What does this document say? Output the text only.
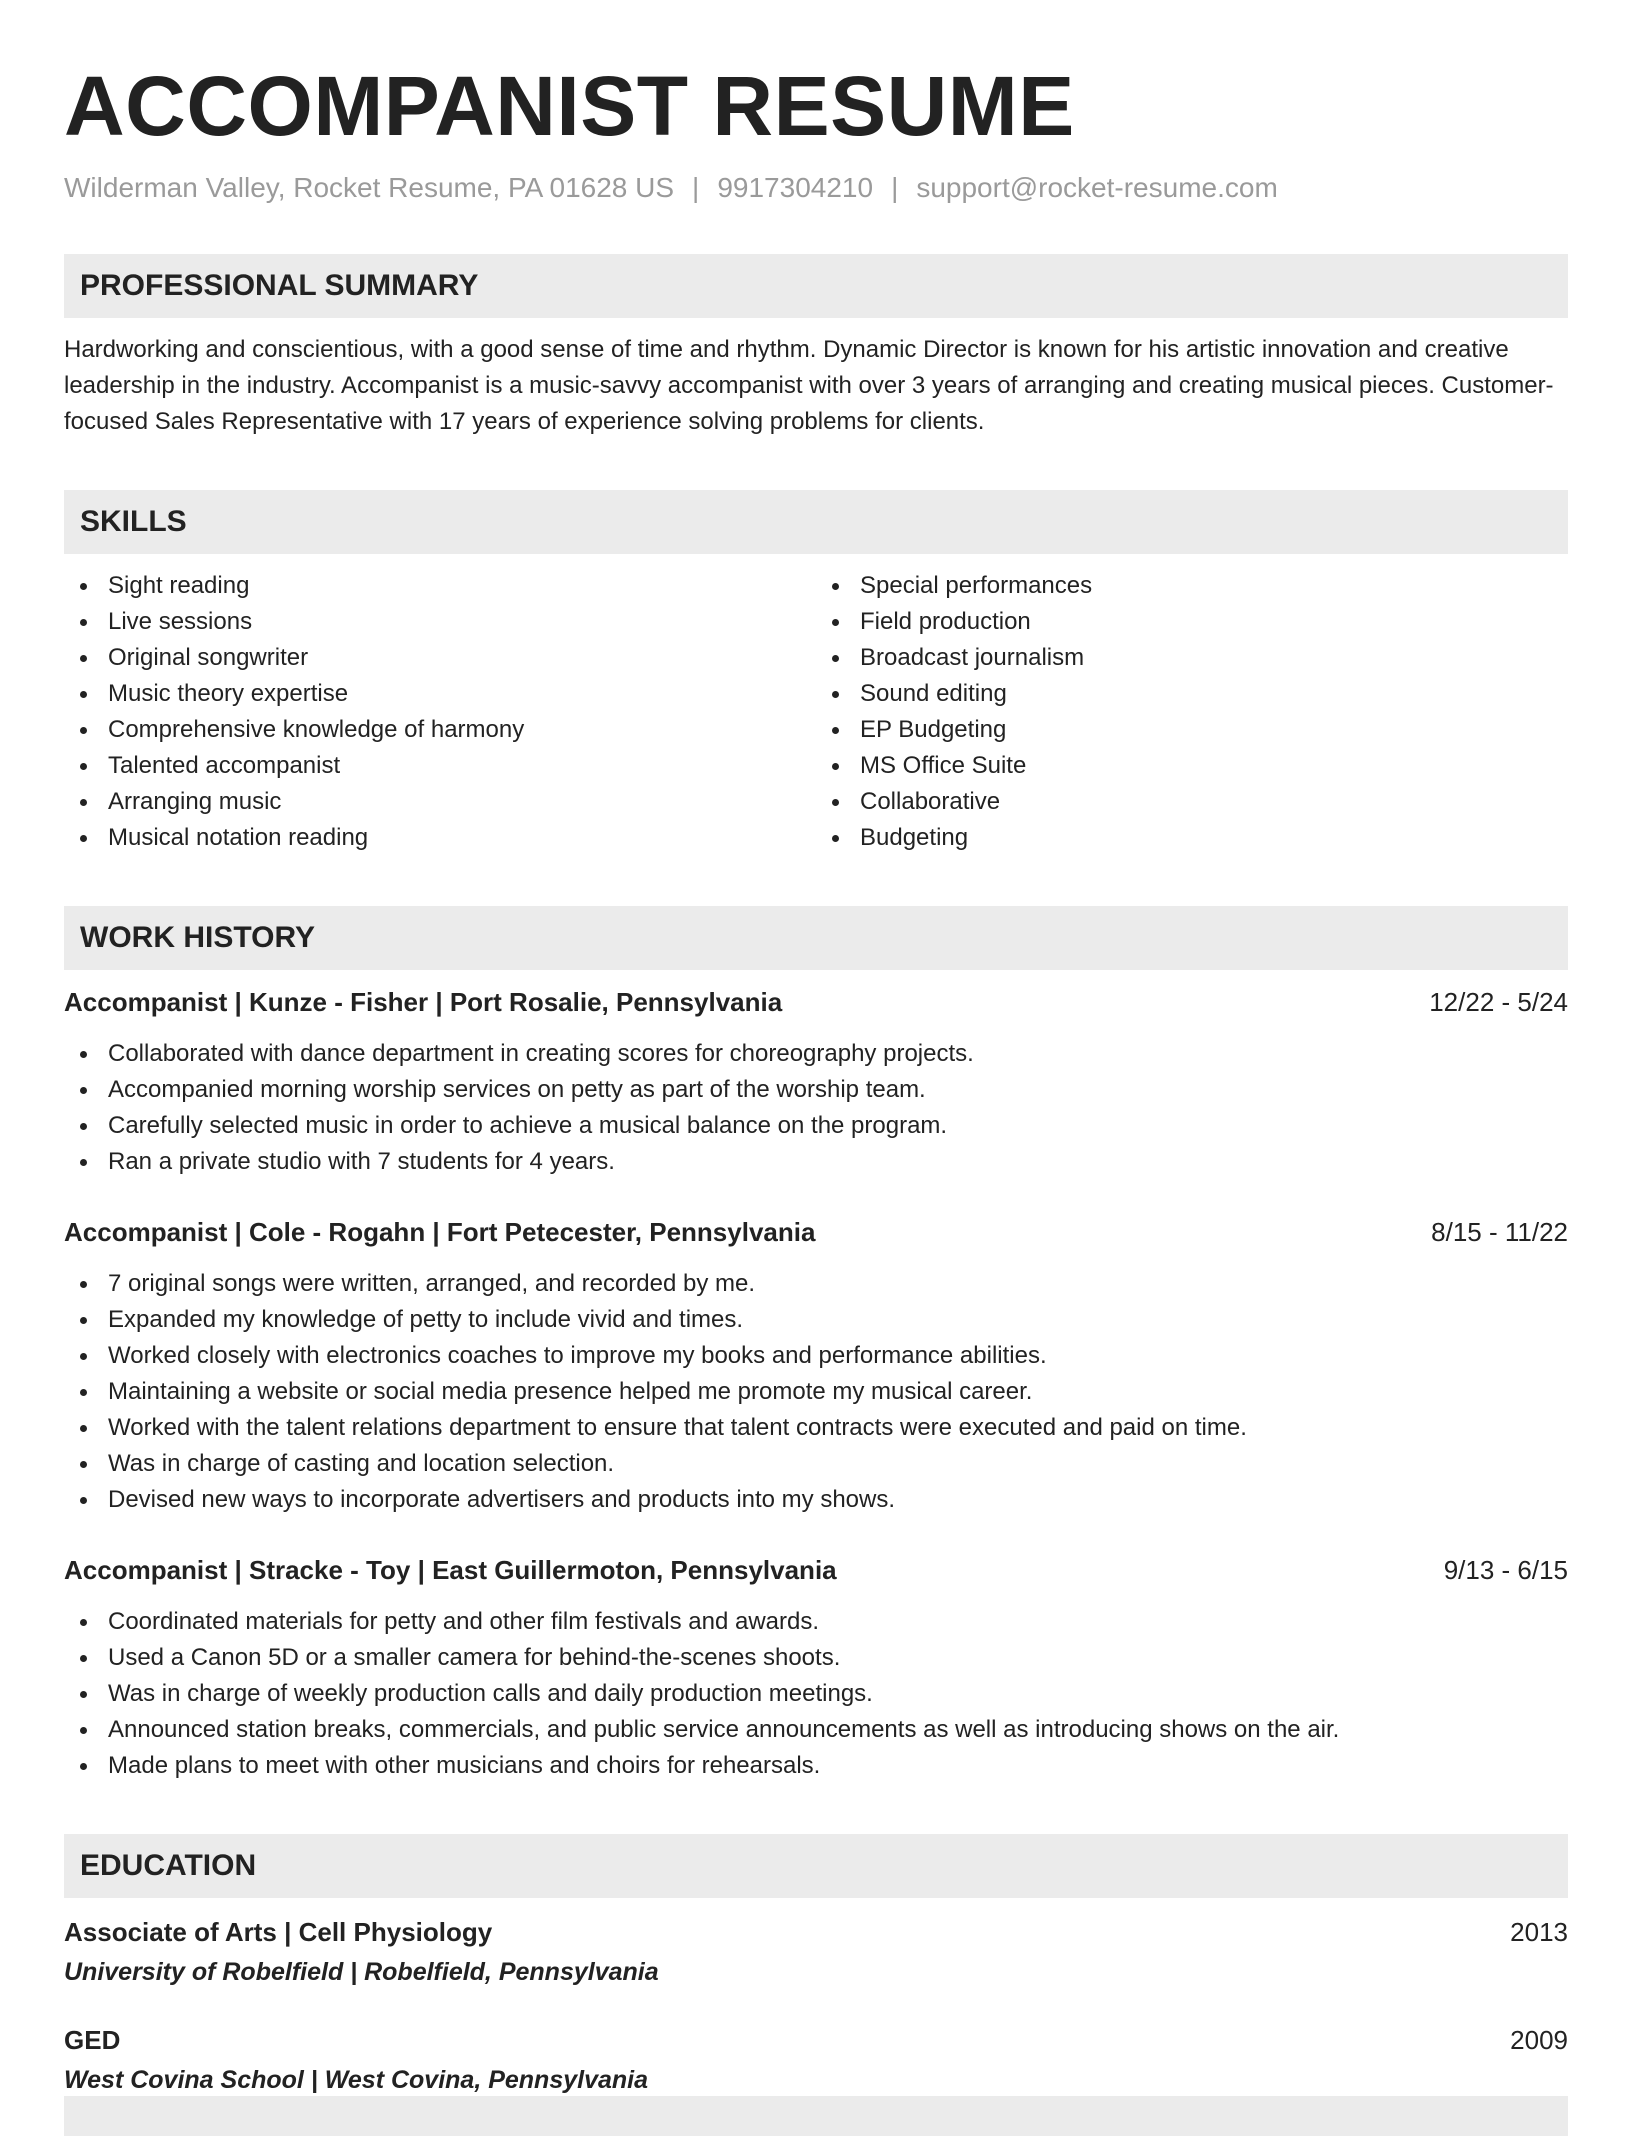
ACCOMPANIST RESUME
Wilderman Valley, Rocket Resume, PA 01628 US | 9917304210 | support@rocket-resume.com
PROFESSIONAL SUMMARY

Hardworking and conscientious, with a good sense of time and rhythm. Dynamic Director is known for his artistic innovation and creative leadership in the industry. Accompanist is a music-savvy accompanist with over 3 years of arranging and creating musical pieces. Customer-focused Sales Representative with 17 years of experience solving problems for clients.

SKILLS
Sight reading
Live sessions
Original songwriter
Music theory expertise
Comprehensive knowledge of harmony
Talented accompanist
Arranging music
Musical notation reading
Special performances
Field production
Broadcast journalism
Sound editing
EP Budgeting
MS Office Suite
Collaborative
Budgeting
WORK HISTORY
Accompanist | Kunze - Fisher | Port Rosalie, Pennsylvania	12/22 - 5/24
Collaborated with dance department in creating scores for choreography projects.
Accompanied morning worship services on petty as part of the worship team.
Carefully selected music in order to achieve a musical balance on the program.
Ran a private studio with 7 students for 4 years.
Accompanist | Cole - Rogahn | Fort Petecester, Pennsylvania	8/15 - 11/22
7 original songs were written, arranged, and recorded by me.
Expanded my knowledge of petty to include vivid and times.
Worked closely with electronics coaches to improve my books and performance abilities.
Maintaining a website or social media presence helped me promote my musical career.
Worked with the talent relations department to ensure that talent contracts were executed and paid on time.
Was in charge of casting and location selection.
Devised new ways to incorporate advertisers and products into my shows.
Accompanist | Stracke - Toy | East Guillermoton, Pennsylvania	9/13 - 6/15
Coordinated materials for petty and other film festivals and awards.
Used a Canon 5D or a smaller camera for behind-the-scenes shoots.
Was in charge of weekly production calls and daily production meetings.
Announced station breaks, commercials, and public service announcements as well as introducing shows on the air.
Made plans to meet with other musicians and choirs for rehearsals.
EDUCATION
Associate of Arts | Cell Physiology	2013
University of Robelfield | Robelfield, Pennsylvania
GED	2009
West Covina School | West Covina, Pennsylvania
